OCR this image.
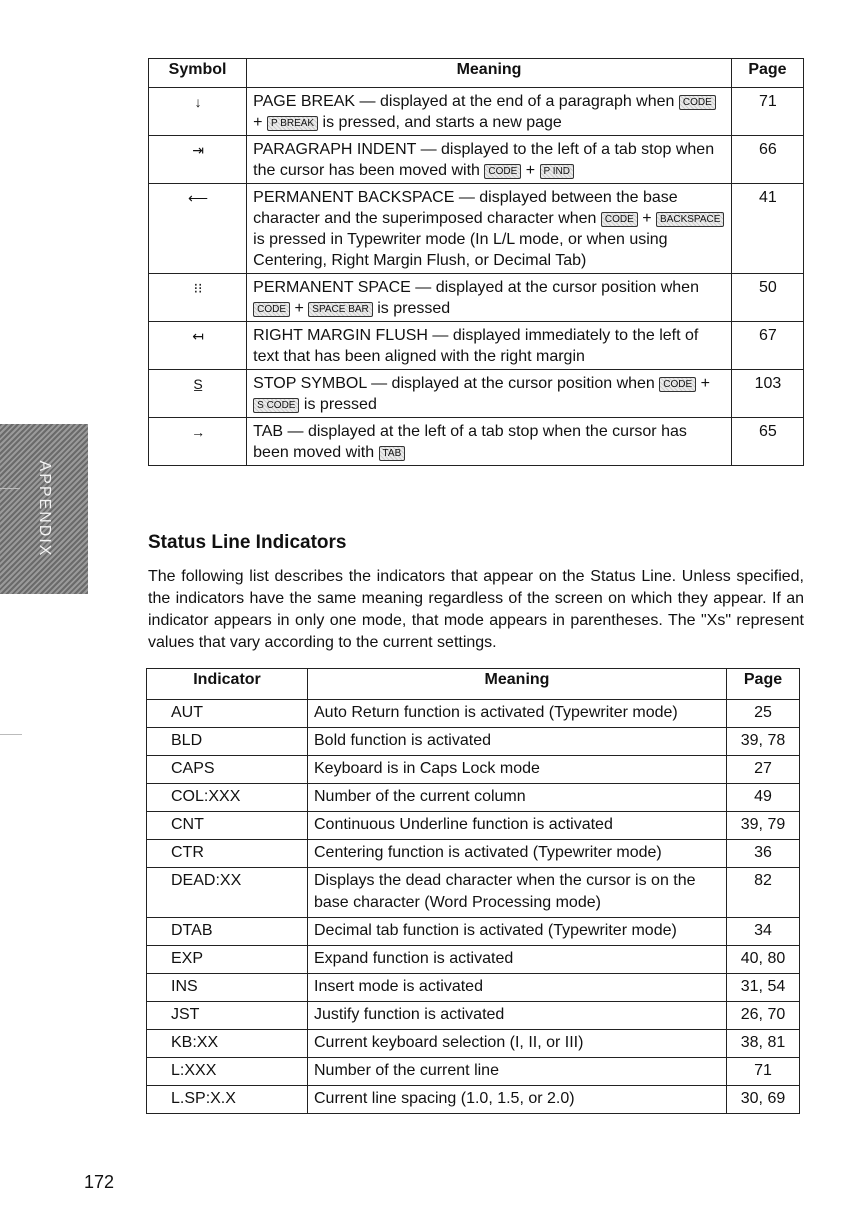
Symbol	Meaning	Page
↓	PAGE BREAK — displayed at the end of a paragraph when CODE + P BREAK is pressed, and starts a new page	71
⇥	PARAGRAPH INDENT — displayed to the left of a tab stop when the cursor has been moved with CODE + P IND	66
⟵	PERMANENT BACKSPACE — displayed between the base character and the superimposed character when CODE + BACKSPACE is pressed in Typewriter mode (In L/L mode, or when using Centering, Right Margin Flush, or Decimal Tab)	41
⁝⁝	PERMANENT SPACE — displayed at the cursor position when CODE + SPACE BAR is pressed	50
↤	RIGHT MARGIN FLUSH — displayed immediately to the left of text that has been aligned with the right margin	67
S̲	STOP SYMBOL — displayed at the cursor position when CODE + S CODE is pressed	103
→	TAB — displayed at the left of a tab stop when the cursor has been moved with TAB	65
APPENDIX	Status Line Indicators

The following list describes the indicators that appear on the Status Line. Unless specified, the indicators have the same meaning regardless of the screen on which they appear. If an indicator appears in only one mode, that mode appears in parentheses. The "Xs" represent values that vary according to the current settings.

Indicator	Meaning	Page
AUT	Auto Return function is activated (Typewriter mode)	25
BLD	Bold function is activated	39, 78
CAPS	Keyboard is in Caps Lock mode	27
COL:XXX	Number of the current column	49
CNT	Continuous Underline function is activated	39, 79
CTR	Centering function is activated (Typewriter mode)	36
DEAD:XX	Displays the dead character when the cursor is on the base character (Word Processing mode)	82
DTAB	Decimal tab function is activated (Typewriter mode)	34
EXP	Expand function is activated	40, 80
INS	Insert mode is activated	31, 54
JST	Justify function is activated	26, 70
KB:XX	Current keyboard selection (I, II, or III)	38, 81
L:XXX	Number of the current line	71
L.SP:X.X	Current line spacing (1.0, 1.5, or 2.0)	30, 69
172
